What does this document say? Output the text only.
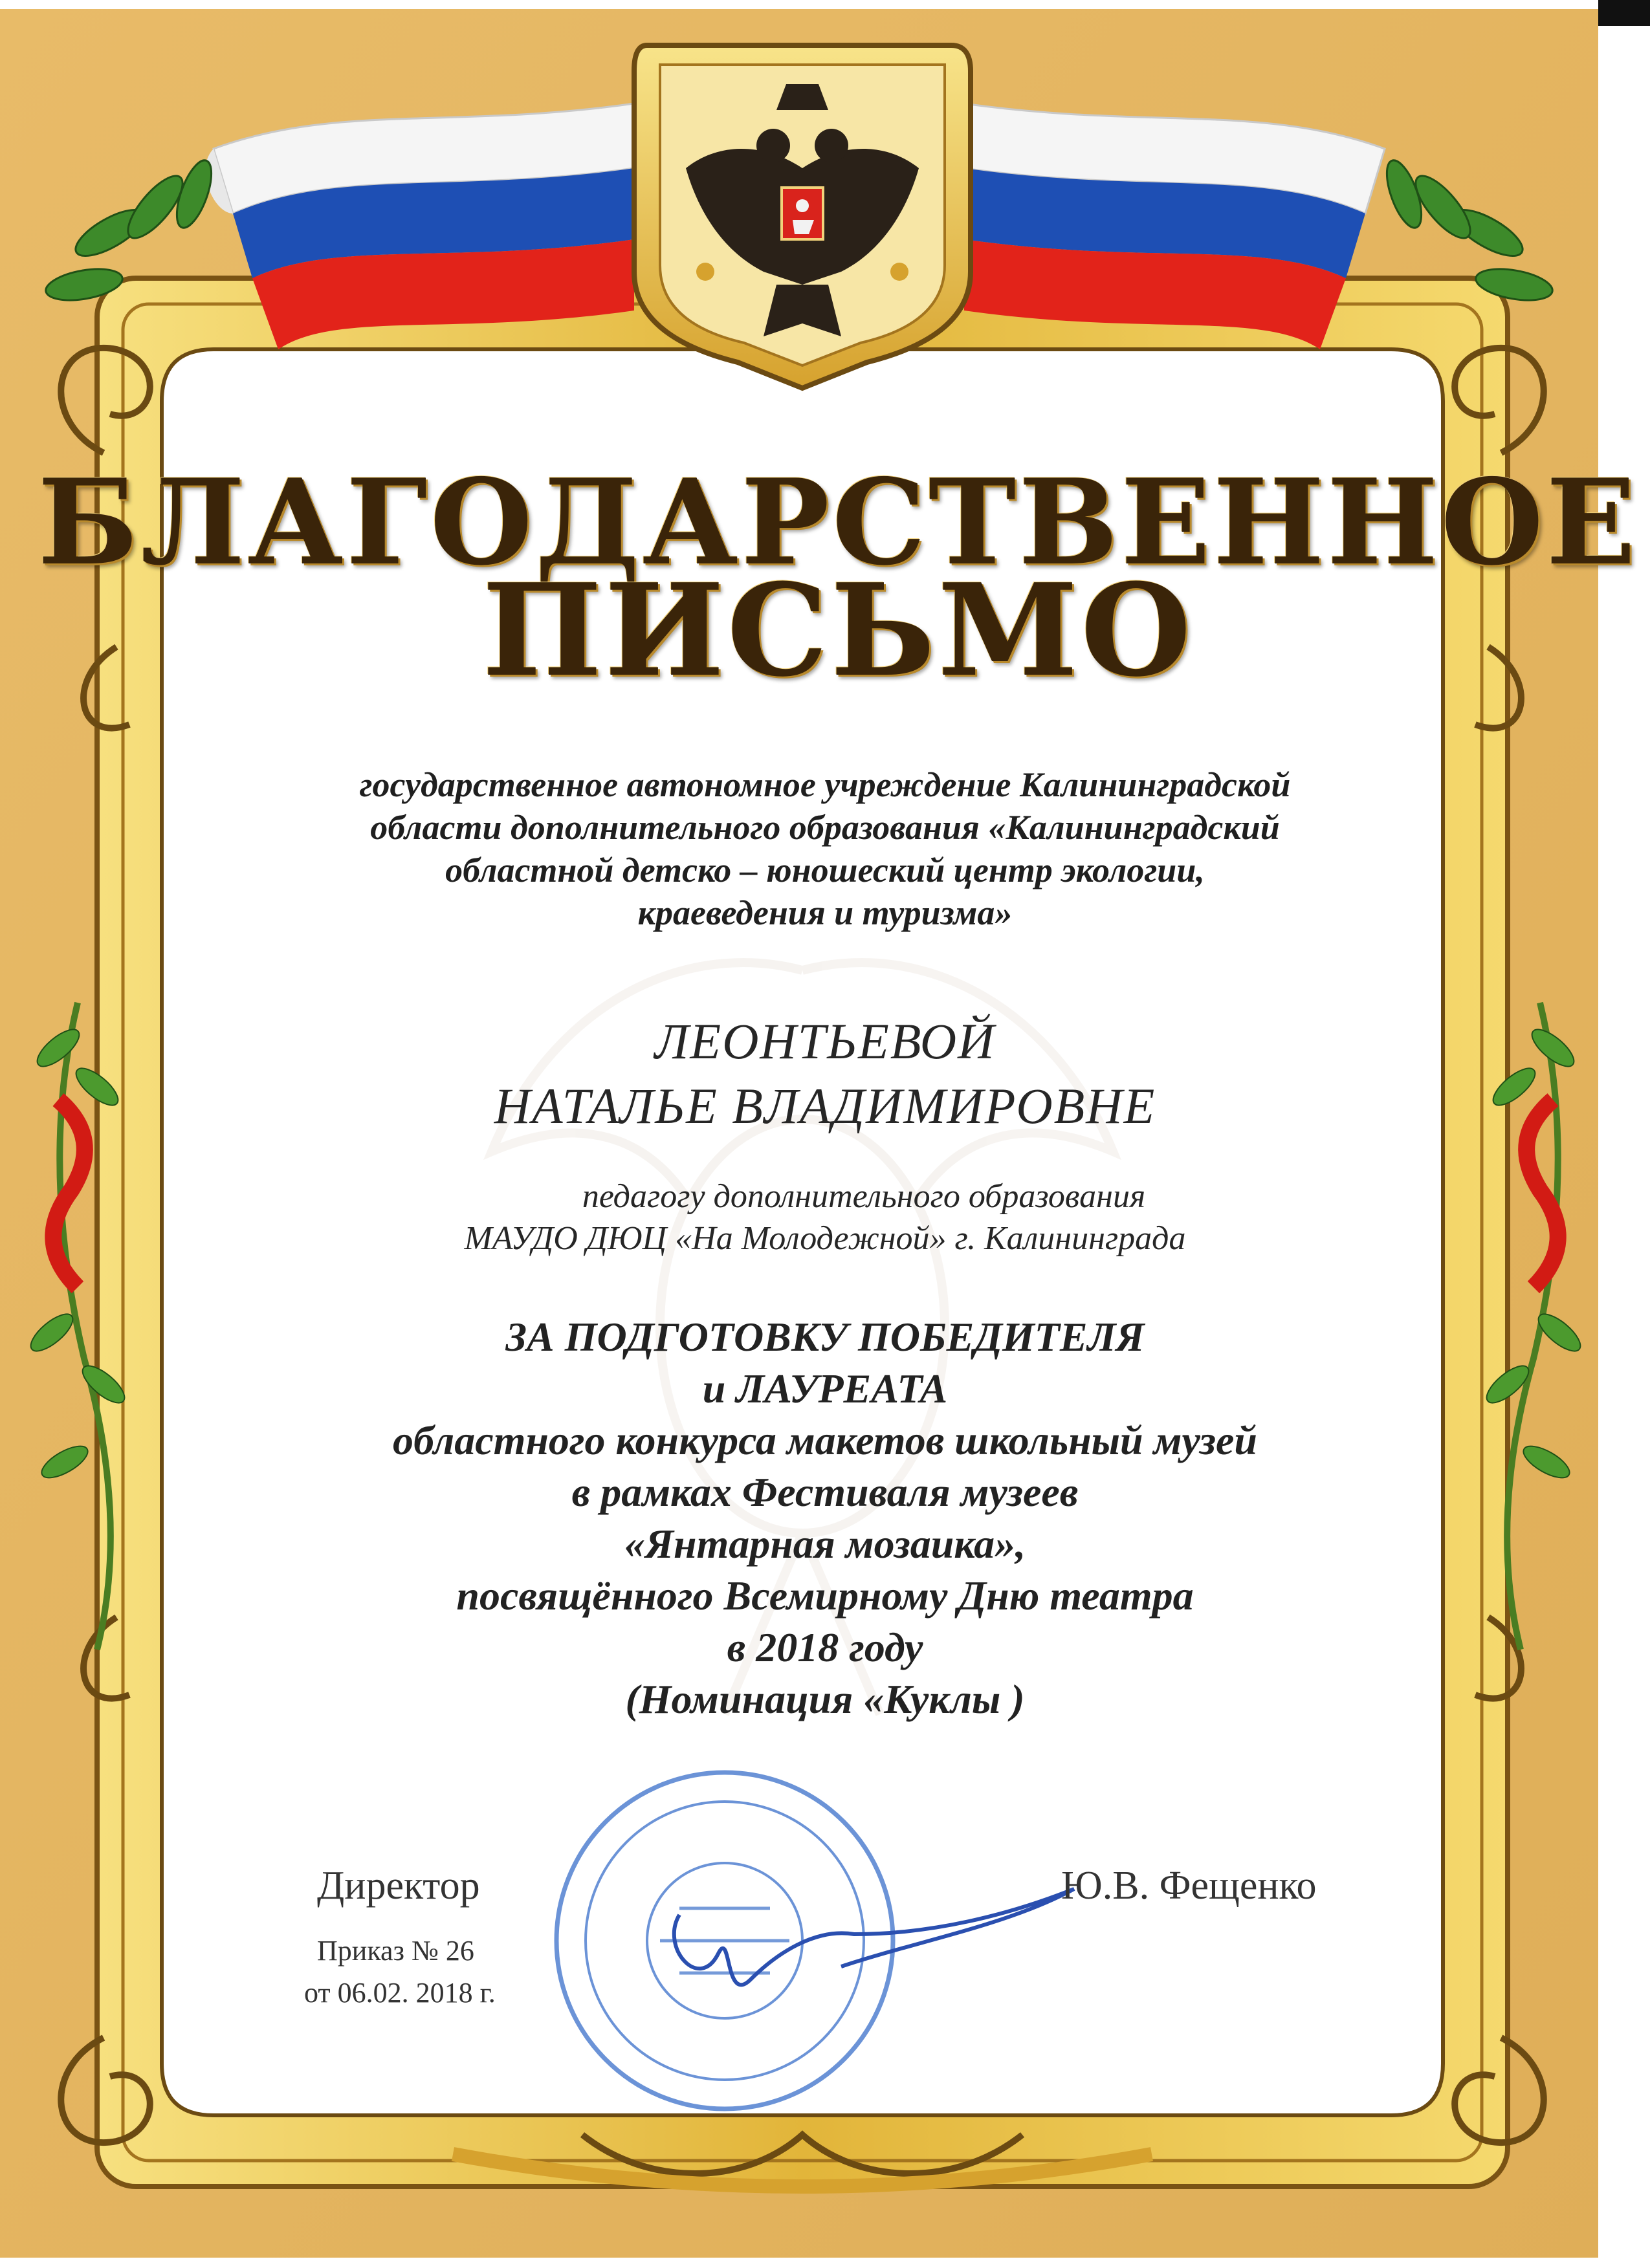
БЛАГОДАРСТВЕННОЕ
ПИСЬМО
государственное автономное учреждение Калининградской
области дополнительного образования «Калининградский
областной детско – юношеский центр экологии,
краеведения и туризма»
ЛЕОНТЬЕВОЙ
НАТАЛЬЕ ВЛАДИМИРОВНЕ
педагогу дополнительного образования
МАУДО ДЮЦ «На Молодежной» г. Калининграда
ЗА ПОДГОТОВКУ ПОБЕДИТЕЛЯ
и ЛАУРЕАТА
областного конкурса макетов школьный музей
в рамках Фестиваля музеев
«Янтарная мозаика»,
посвящённого Всемирному Дню театра
в 2018 году
(Номинация «Куклы )
Директор
Приказ № 26
от 06.02. 2018 г.
Ю.В. Фещенко
